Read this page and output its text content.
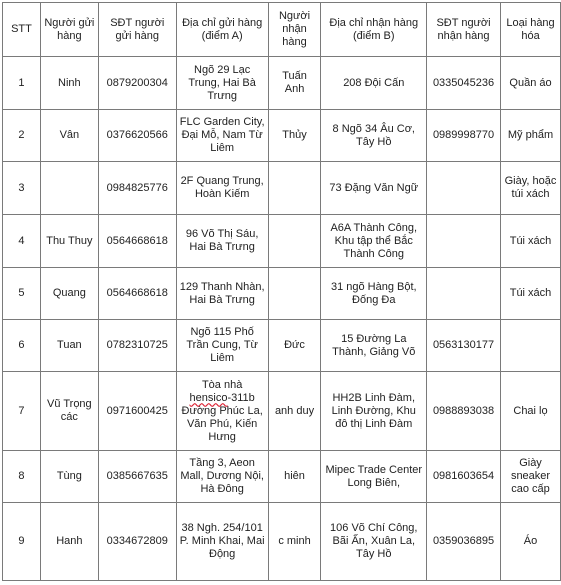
STT	Người gửi hàng	SĐT người gửi hàng	Địa chỉ gửi hàng (điểm A)	Người nhận hàng	Địa chỉ nhận hàng (điểm B)	SĐT người nhận hàng	Loại hàng hóa
1	Ninh	0879200304	Ngõ 29 Lạc Trung, Hai Bà Trưng	Tuấn Anh	208 Đội Cấn	0335045236	Quần áo
2	Vân	0376620566	FLC Garden City, Đại Mỗ, Nam Từ Liêm	Thủy	8 Ngõ 34 Âu Cơ, Tây Hồ	0989998770	Mỹ phẩm
3		0984825776	2F Quang Trung, Hoàn Kiếm		73 Đặng Văn Ngữ		Giày, hoặc túi xách
4	Thu Thuy	0564668618	96 Võ Thị Sáu, Hai Bà Trưng		A6A Thành Công, Khu tập thể Bắc Thành Công		Túi xách
5	Quang	0564668618	129 Thanh Nhàn, Hai Bà Trưng		31 ngõ Hàng Bột, Đống Đa		Túi xách
6	Tuan	0782310725	Ngõ 115 Phố Trần Cung, Từ Liêm	Đức	15 Đường La Thành, Giảng Võ	0563130177	
7	Vũ Trọng các	0971600425	Tòa nhà hensico-311b Đường Phúc La, Văn Phú, Kiến Hưng	anh duy	HH2B Linh Đàm, Linh Đường, Khu đô thị Linh Đàm	0988893038	Chai lọ
8	Tùng	0385667635	Tầng 3, Aeon Mall, Dương Nội, Hà Đông	hiên	Mipec Trade Center Long Biên,	0981603654	Giày sneaker cao cấp
9	Hanh	0334672809	38 Ngh. 254/101 P. Minh Khai, Mai Động	c minh	106 Võ Chí Công, Bãi Ấn, Xuân La, Tây Hồ	0359036895	Áo
